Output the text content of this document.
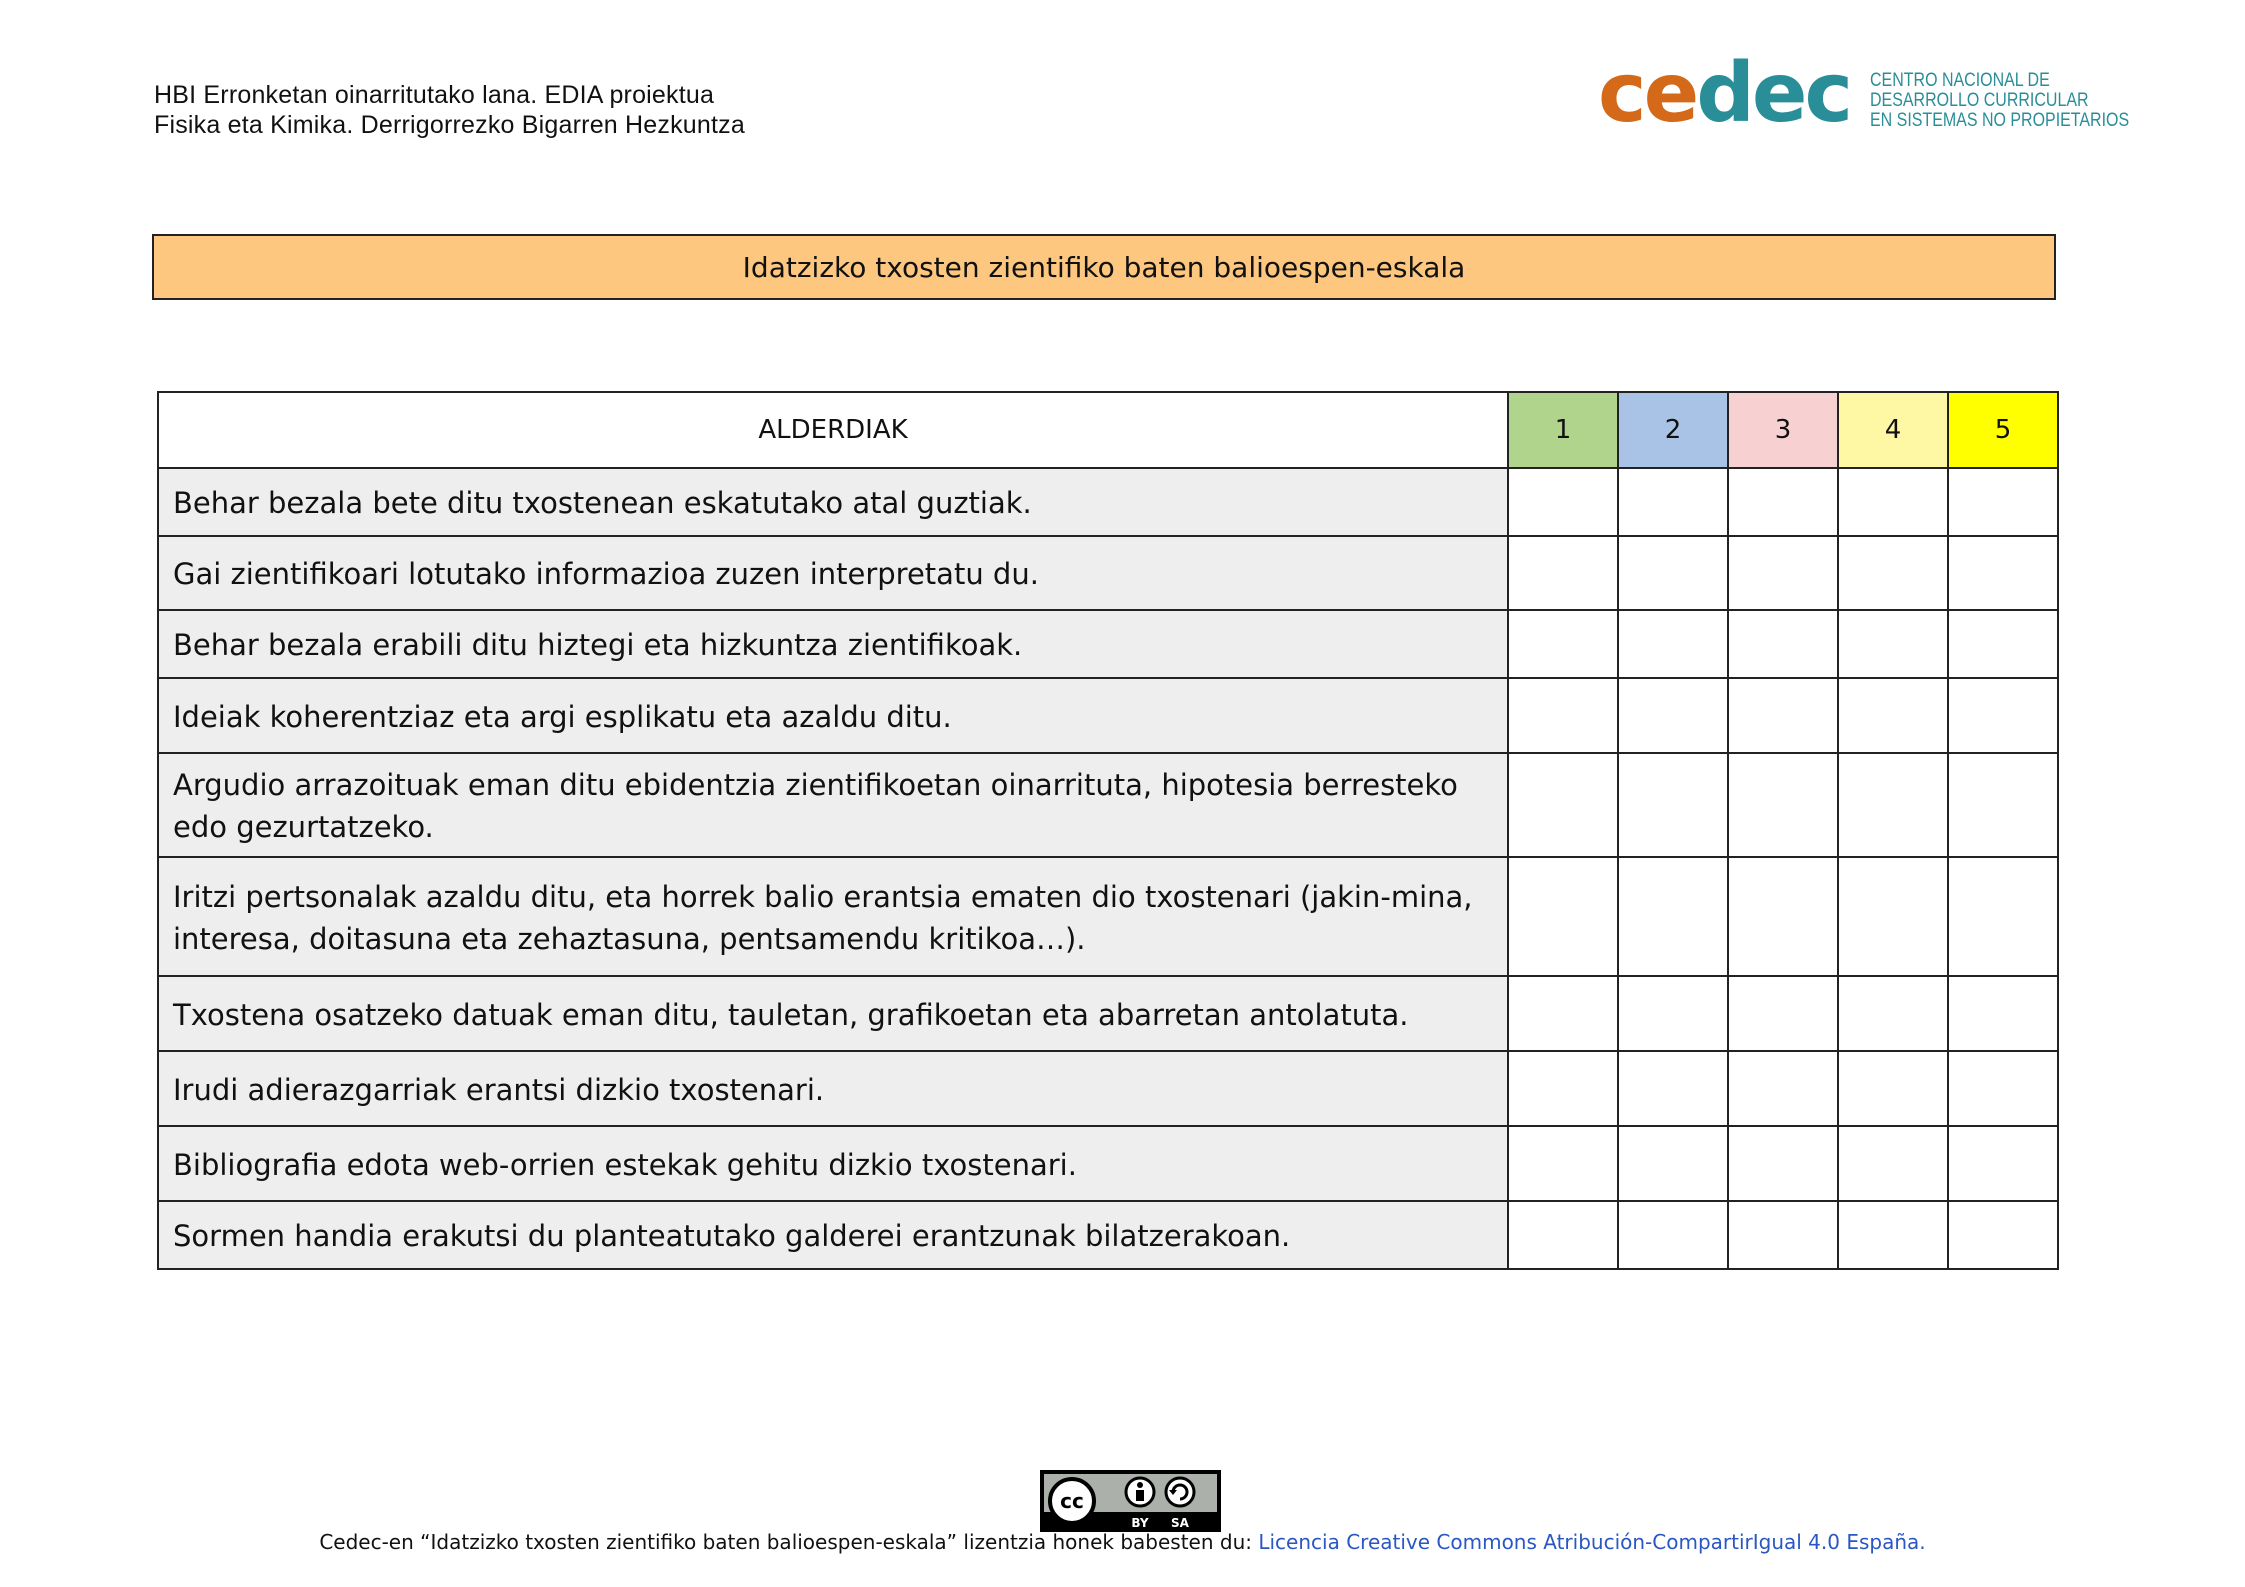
HBI Erronketan oinarritutako lana. EDIA proiektua
Fisika eta Kimika. Derrigorrezko Bigarren Hezkuntza	cedec CENTRO NACIONAL DE
DESARROLLO CURRICULAR
EN SISTEMAS NO PROPIETARIOS
Idatzizko txosten zientifiko baten balioespen-eskala
ALDERDIAK	1	2	3	4	5
Behar bezala bete ditu txostenean eskatutako atal guztiak.					
Gai zientifikoari lotutako informazioa zuzen interpretatu du.					
Behar bezala erabili ditu hiztegi eta hizkuntza zientifikoak.					
Ideiak koherentziaz eta argi esplikatu eta azaldu ditu.					
Argudio arrazoituak eman ditu ebidentzia zientifikoetan oinarrituta, hipotesia berresteko edo gezurtatzeko.					
Iritzi pertsonalak azaldu ditu, eta horrek balio erantsia ematen dio txostenari (jakin-mina, interesa, doitasuna eta zehaztasuna, pentsamendu kritikoa…).					
Txostena osatzeko datuak eman ditu, tauletan, grafikoetan eta abarretan antolatuta.					
Irudi adierazgarriak erantsi dizkio txostenari.					
Bibliografia edota web-orrien estekak gehitu dizkio txostenari.					
Sormen handia erakutsi du planteatutako galderei erantzunak bilatzerakoan.					
cc
BY SA
Cedec-en “Idatzizko txosten zientifiko baten balioespen-eskala” lizentzia honek babesten du: Licencia Creative Commons Atribución-CompartirIgual 4.0 España.
